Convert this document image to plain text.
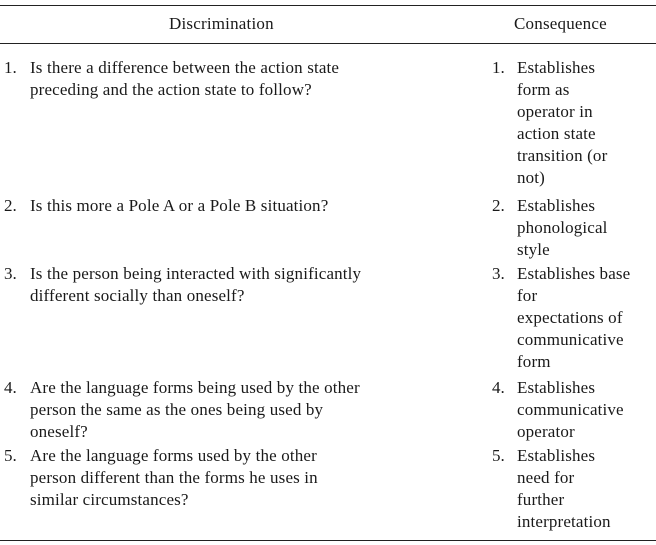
Discrimination	Consequence
1. Is there a difference between the action state
preceding and the action state to follow?
1. Establishes
form as
operator in
action state
transition (or
not)
2. Is this more a Pole A or a Pole B situation?	2. Establishes
phonological
style
3. Is the person being interacted with significantly
different socially than oneself?
3. Establishes base
for
expectations of
communicative
form
4. Are the language forms being used by the other
person the same as the ones being used by
oneself?
4. Establishes
communicative
operator
5. Are the language forms used by the other
person different than the forms he uses in
similar circumstances?
5. Establishes
need for
further
interpretation
